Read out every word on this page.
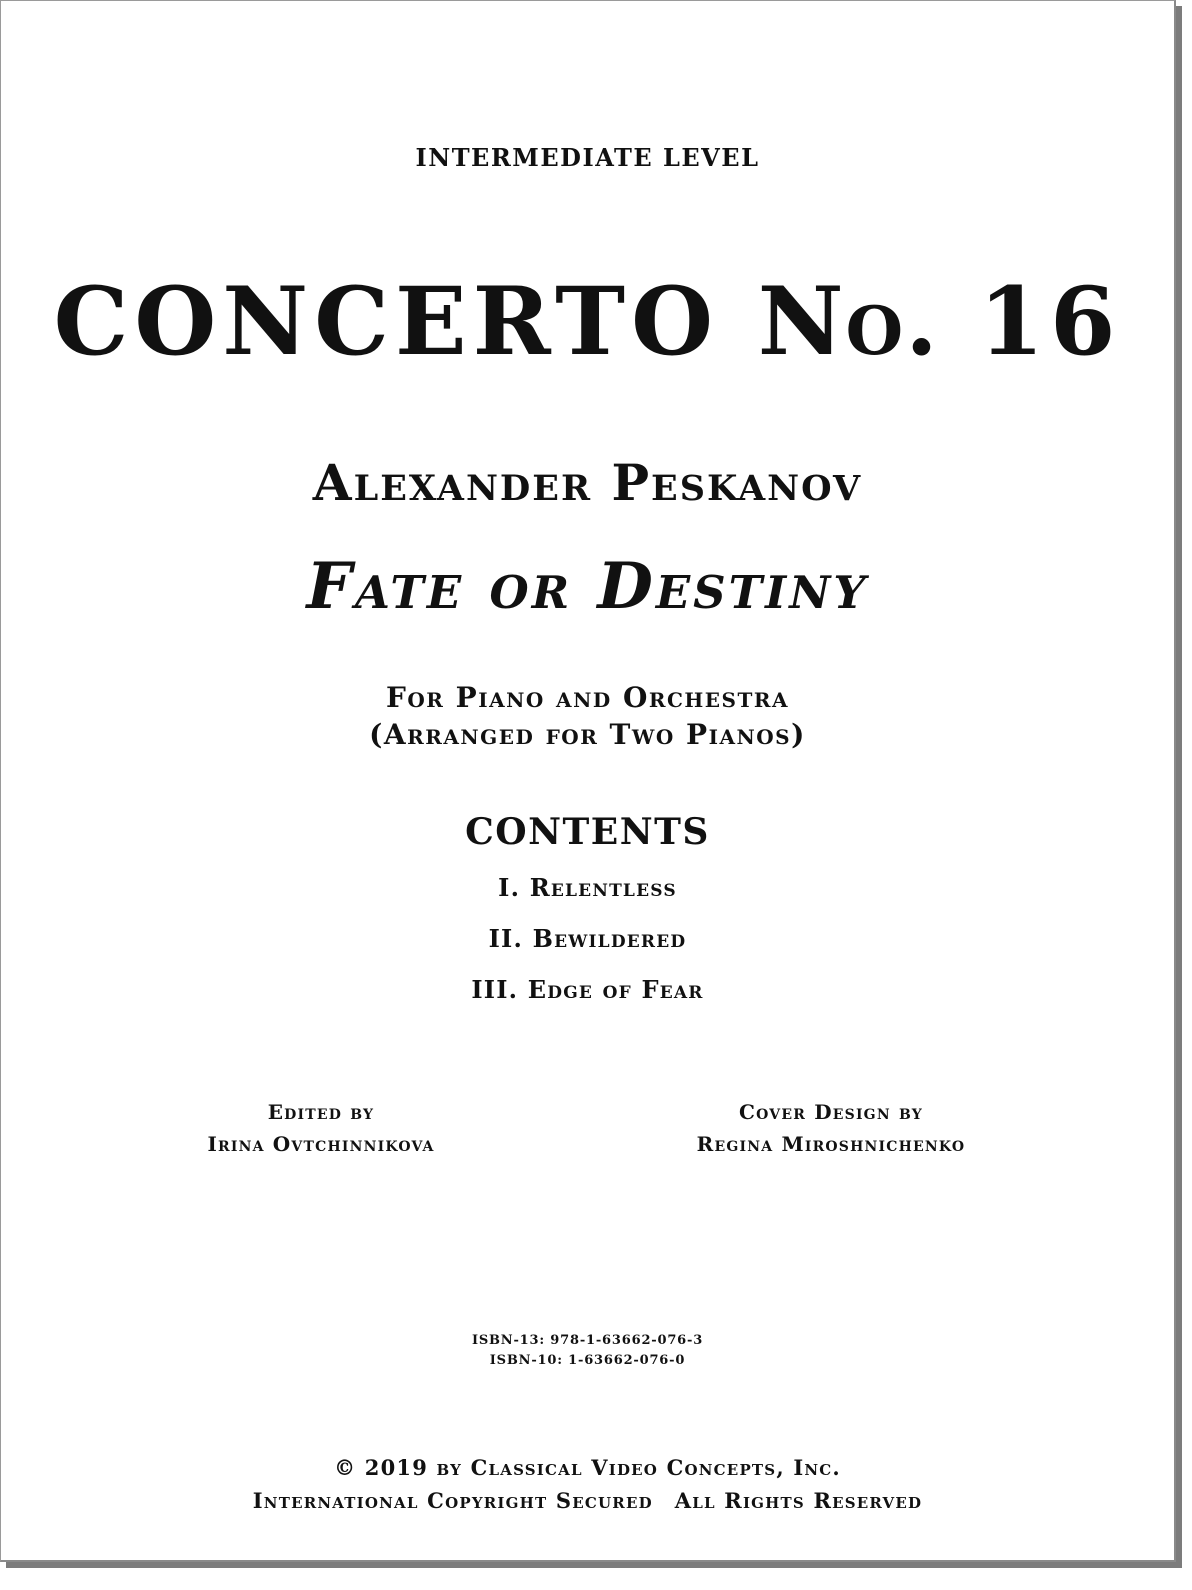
INTERMEDIATE LEVEL
CONCERTO No. 16
Alexander Peskanov
Fate or Destiny
For Piano and Orchestra
(Arranged for Two Pianos)
CONTENTS
I. Relentless
II. Bewildered
III. Edge of Fear
Edited by
Irina Ovtchinnikova
Cover Design by
Regina Miroshnichenko
ISBN-13: 978-1-63662-076-3
ISBN-10: 1-63662-076-0
© 2019 by Classical Video Concepts, Inc.
International Copyright Secured All Rights Reserved
